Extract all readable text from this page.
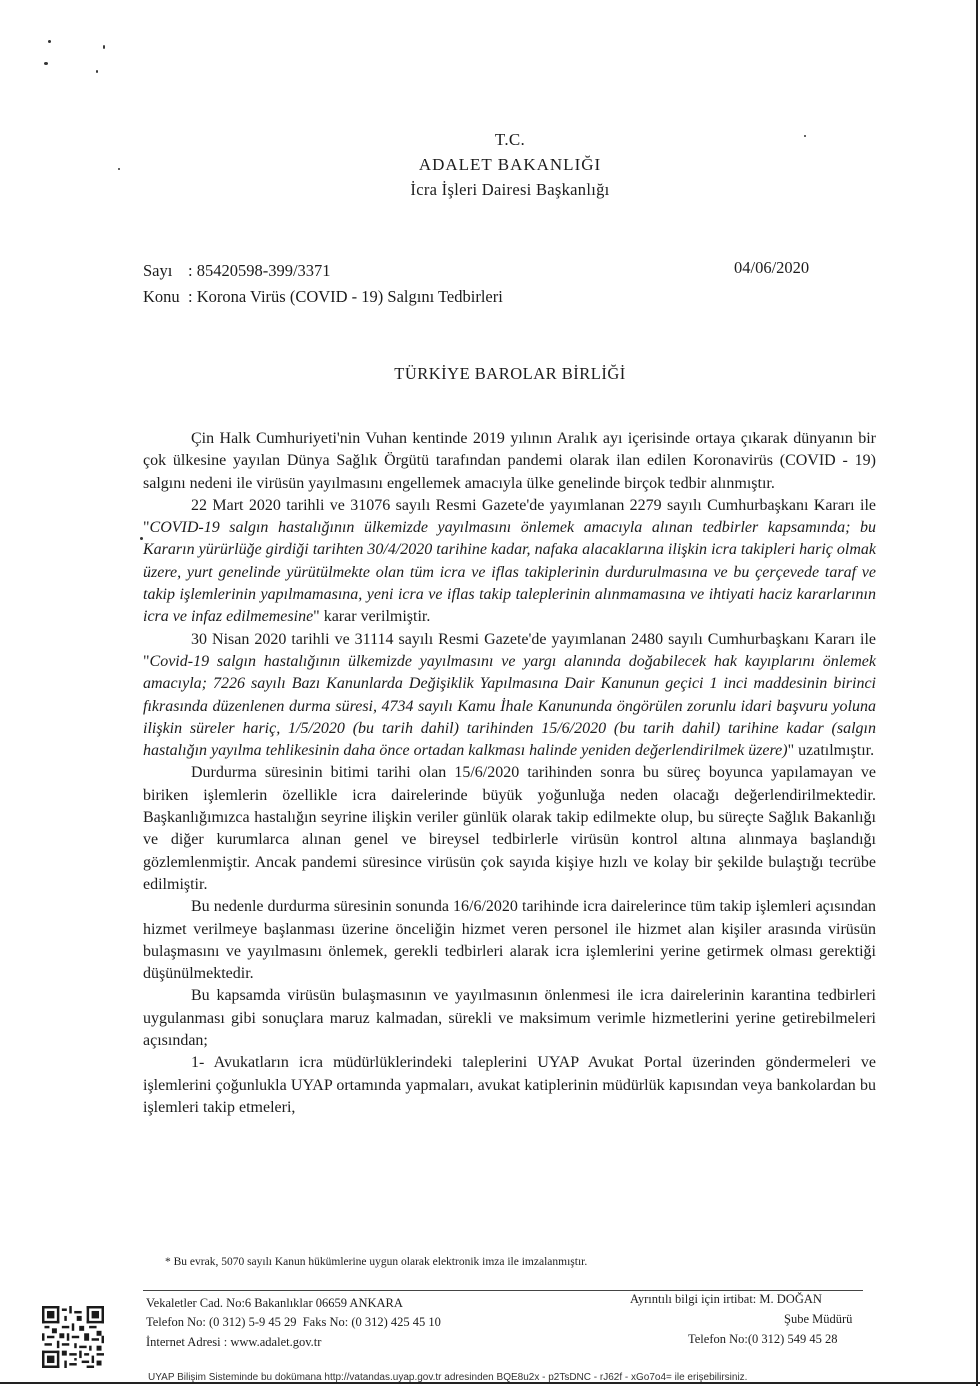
T.C.
ADALET BAKANLIĞI
İcra İşleri Dairesi Başkanlığı
Sayı : 85420598-399/3371	04/06/2020
Konu : Korona Virüs (COVID - 19) Salgını Tedbirleri
TÜRKİYE BAROLAR BİRLİĞİ

Çin Halk Cumhuriyeti'nin Vuhan kentinde 2019 yılının Aralık ayı içerisinde ortaya çıkarak dünyanın bir çok ülkesine yayılan Dünya Sağlık Örgütü tarafından pandemi olarak ilan edilen Koronavirüs (COVID - 19) salgını nedeni ile virüsün yayılmasını engellemek amacıyla ülke genelinde birçok tedbir alınmıştır.

22 Mart 2020 tarihli ve 31076 sayılı Resmi Gazete'de yayımlanan 2279 sayılı Cumhurbaşkanı Kararı ile "COVID-19 salgın hastalığının ülkemizde yayılmasını önlemek amacıyla alınan tedbirler kapsamında; bu Kararın yürürlüğe girdiği tarihten 30/4/2020 tarihine kadar, nafaka alacaklarına ilişkin icra takipleri hariç olmak üzere, yurt genelinde yürütülmekte olan tüm icra ve iflas takiplerinin durdurulmasına ve bu çerçevede taraf ve takip işlemlerinin yapılmamasına, yeni icra ve iflas takip taleplerinin alınmamasına ve ihtiyati haciz kararlarının icra ve infaz edilmemesine" karar verilmiştir.

30 Nisan 2020 tarihli ve 31114 sayılı Resmi Gazete'de yayımlanan 2480 sayılı Cumhurbaşkanı Kararı ile "Covid-19 salgın hastalığının ülkemizde yayılmasını ve yargı alanında doğabilecek hak kayıplarını önlemek amacıyla; 7226 sayılı Bazı Kanunlarda Değişiklik Yapılmasına Dair Kanunun geçici 1 inci maddesinin birinci fıkrasında düzenlenen durma süresi, 4734 sayılı Kamu İhale Kanununda öngörülen zorunlu idari başvuru yoluna ilişkin süreler hariç, 1/5/2020 (bu tarih dahil) tarihinden 15/6/2020 (bu tarih dahil) tarihine kadar (salgın hastalığın yayılma tehlikesinin daha önce ortadan kalkması halinde yeniden değerlendirilmek üzere)" uzatılmıştır.

Durdurma süresinin bitimi tarihi olan 15/6/2020 tarihinden sonra bu süreç boyunca yapılamayan ve biriken işlemlerin özellikle icra dairelerinde büyük yoğunluğa neden olacağı değerlendirilmektedir. Başkanlığımızca hastalığın seyrine ilişkin veriler günlük olarak takip edilmekte olup, bu süreçte Sağlık Bakanlığı ve diğer kurumlarca alınan genel ve bireysel tedbirlerle virüsün kontrol altına alınmaya başlandığı gözlemlenmiştir. Ancak pandemi süresince virüsün çok sayıda kişiye hızlı ve kolay bir şekilde bulaştığı tecrübe edilmiştir.

Bu nedenle durdurma süresinin sonunda 16/6/2020 tarihinde icra dairelerince tüm takip işlemleri açısından hizmet verilmeye başlanması üzerine önceliğin hizmet veren personel ile hizmet alan kişiler arasında virüsün bulaşmasını ve yayılmasını önlemek, gerekli tedbirleri alarak icra işlemlerini yerine getirmek olması gerektiği düşünülmektedir.

Bu kapsamda virüsün bulaşmasının ve yayılmasının önlenmesi ile icra dairelerinin karantina tedbirleri uygulanması gibi sonuçlara maruz kalmadan, sürekli ve maksimum verimle hizmetlerini yerine getirebilmeleri açısından;

1- Avukatların icra müdürlüklerindeki taleplerini UYAP Avukat Portal üzerinden göndermeleri ve işlemlerini çoğunlukla UYAP ortamında yapmaları, avukat katiplerinin müdürlük kapısından veya bankolardan bu işlemleri takip etmeleri,

* Bu evrak, 5070 sayılı Kanun hükümlerine uygun olarak elektronik imza ile imzalanmıştır.
Vekaletler Cad. No:6 Bakanlıklar 06659 ANKARA
Telefon No: (0 312) 5-9 45 29  Faks No: (0 312) 425 45 10
İnternet Adresi : www.adalet.gov.tr
Ayrıntılı bilgi için irtibat: M. DOĞAN
Şube Müdürü
Telefon No:(0 312) 549 45 28
UYAP Bilişim Sisteminde bu dokümana http://vatandas.uyap.gov.tr adresinden BQE8u2x - p2TsDNC - rJ62f - xGo7o4= ile erişebilirsiniz.
